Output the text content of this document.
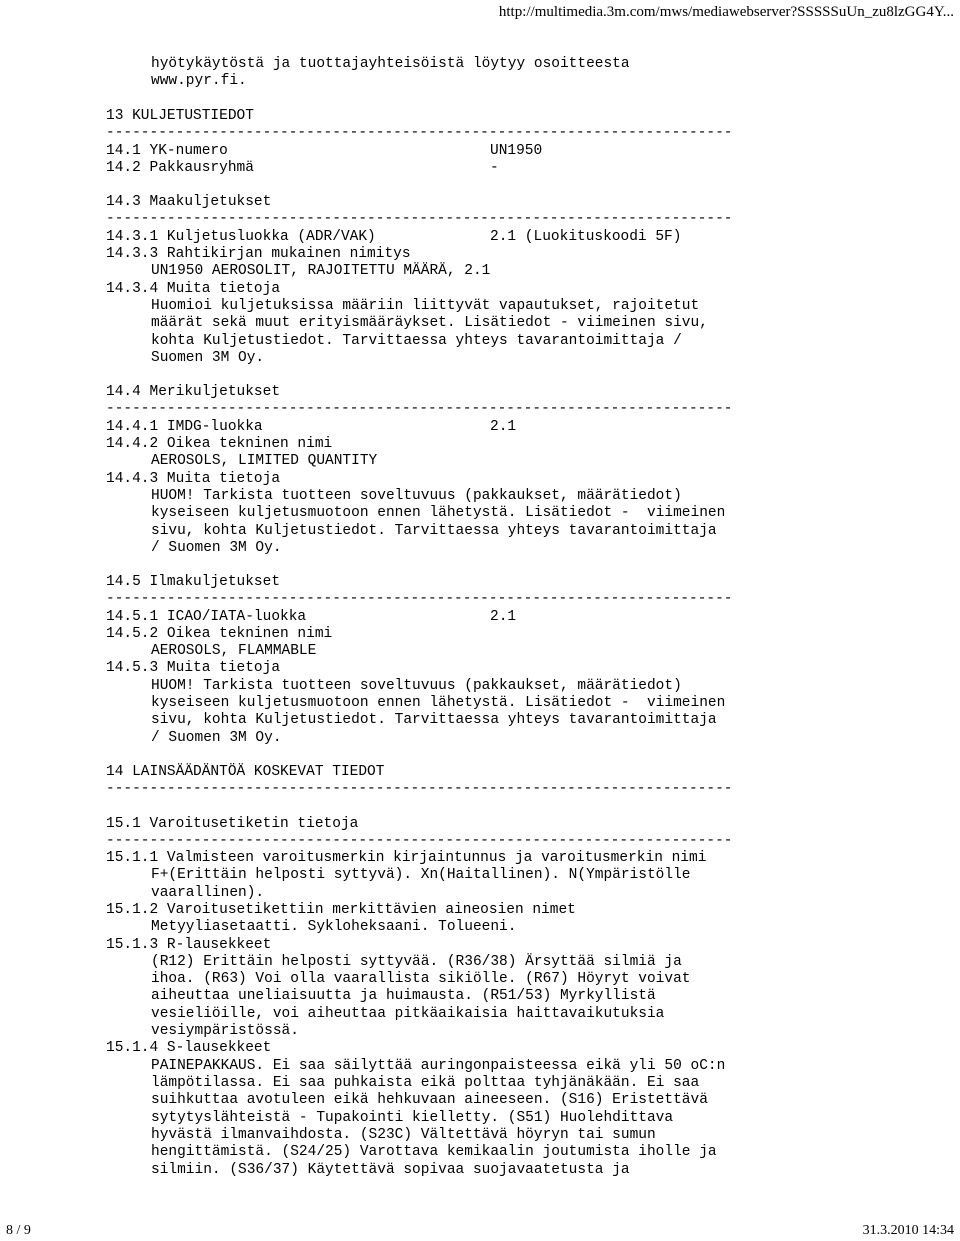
http://multimedia.3m.com/mws/mediawebserver?SSSSSuUn_zu8lzGG4Y...
hyötykäytöstä ja tuottajayhteisöistä löytyy osoitteesta
www.pyr.fi.
13 KULJETUSTIEDOT
------------------------------------------------------------------------
14.1 YK-numero	UN1950
14.2 Pakkausryhmä	-
14.3 Maakuljetukset
------------------------------------------------------------------------
14.3.1 Kuljetusluokka (ADR/VAK)	2.1 (Luokituskoodi 5F)
14.3.3 Rahtikirjan mukainen nimitys
UN1950 AEROSOLIT, RAJOITETTU MÄÄRÄ, 2.1
14.3.4 Muita tietoja
Huomioi kuljetuksissa määriin liittyvät vapautukset, rajoitetut
määrät sekä muut erityismääräykset. Lisätiedot - viimeinen sivu,
kohta Kuljetustiedot. Tarvittaessa yhteys tavarantoimittaja /
Suomen 3M Oy.
14.4 Merikuljetukset
------------------------------------------------------------------------
14.4.1 IMDG-luokka	2.1
14.4.2 Oikea tekninen nimi
AEROSOLS, LIMITED QUANTITY
14.4.3 Muita tietoja
HUOM! Tarkista tuotteen soveltuvuus (pakkaukset, määrätiedot)
kyseiseen kuljetusmuotoon ennen lähetystä. Lisätiedot -  viimeinen
sivu, kohta Kuljetustiedot. Tarvittaessa yhteys tavarantoimittaja
/ Suomen 3M Oy.
14.5 Ilmakuljetukset
------------------------------------------------------------------------
14.5.1 ICAO/IATA-luokka	2.1
14.5.2 Oikea tekninen nimi
AEROSOLS, FLAMMABLE
14.5.3 Muita tietoja
HUOM! Tarkista tuotteen soveltuvuus (pakkaukset, määrätiedot)
kyseiseen kuljetusmuotoon ennen lähetystä. Lisätiedot -  viimeinen
sivu, kohta Kuljetustiedot. Tarvittaessa yhteys tavarantoimittaja
/ Suomen 3M Oy.
14 LAINSÄÄDÄNTÖÄ KOSKEVAT TIEDOT
------------------------------------------------------------------------
15.1 Varoitusetiketin tietoja
------------------------------------------------------------------------
15.1.1 Valmisteen varoitusmerkin kirjaintunnus ja varoitusmerkin nimi
F+(Erittäin helposti syttyvä). Xn(Haitallinen). N(Ympäristölle
vaarallinen).
15.1.2 Varoitusetikettiin merkittävien aineosien nimet
Metyyliasetaatti. Sykloheksaani. Tolueeni.
15.1.3 R-lausekkeet
(R12) Erittäin helposti syttyvää. (R36/38) Ärsyttää silmiä ja
ihoa. (R63) Voi olla vaarallista sikiölle. (R67) Höyryt voivat
aiheuttaa uneliaisuutta ja huimausta. (R51/53) Myrkyllistä
vesieliöille, voi aiheuttaa pitkäaikaisia haittavaikutuksia
vesiympäristössä.
15.1.4 S-lausekkeet
PAINEPAKKAUS. Ei saa säilyttää auringonpaisteessa eikä yli 50 oC:n
lämpötilassa. Ei saa puhkaista eikä polttaa tyhjänäkään. Ei saa
suihkuttaa avotuleen eikä hehkuvaan aineeseen. (S16) Eristettävä
sytytyslähteistä - Tupakointi kielletty. (S51) Huolehdittava
hyvästä ilmanvaihdosta. (S23C) Vältettävä höyryn tai sumun
hengittämistä. (S24/25) Varottava kemikaalin joutumista iholle ja
silmiin. (S36/37) Käytettävä sopivaa suojavaatetusta ja
8 / 9	31.3.2010 14:34
